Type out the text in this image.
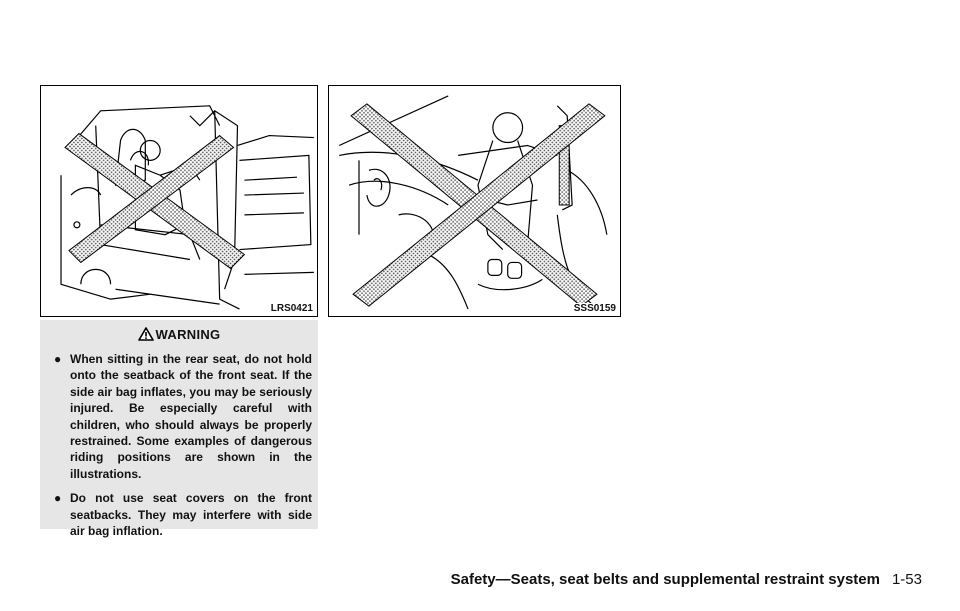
LRS0421	SSS0159
WARNING
● When sitting in the rear seat, do not hold onto the seatback of the front seat. If the side air bag inflates, you may be seriously injured. Be especially careful with children, who should always be properly restrained. Some examples of dangerous riding positions are shown in the illustrations.
● Do not use seat covers on the front seatbacks. They may interfere with side air bag inflation.
Safety—Seats, seat belts and supplemental restraint system 1-53
